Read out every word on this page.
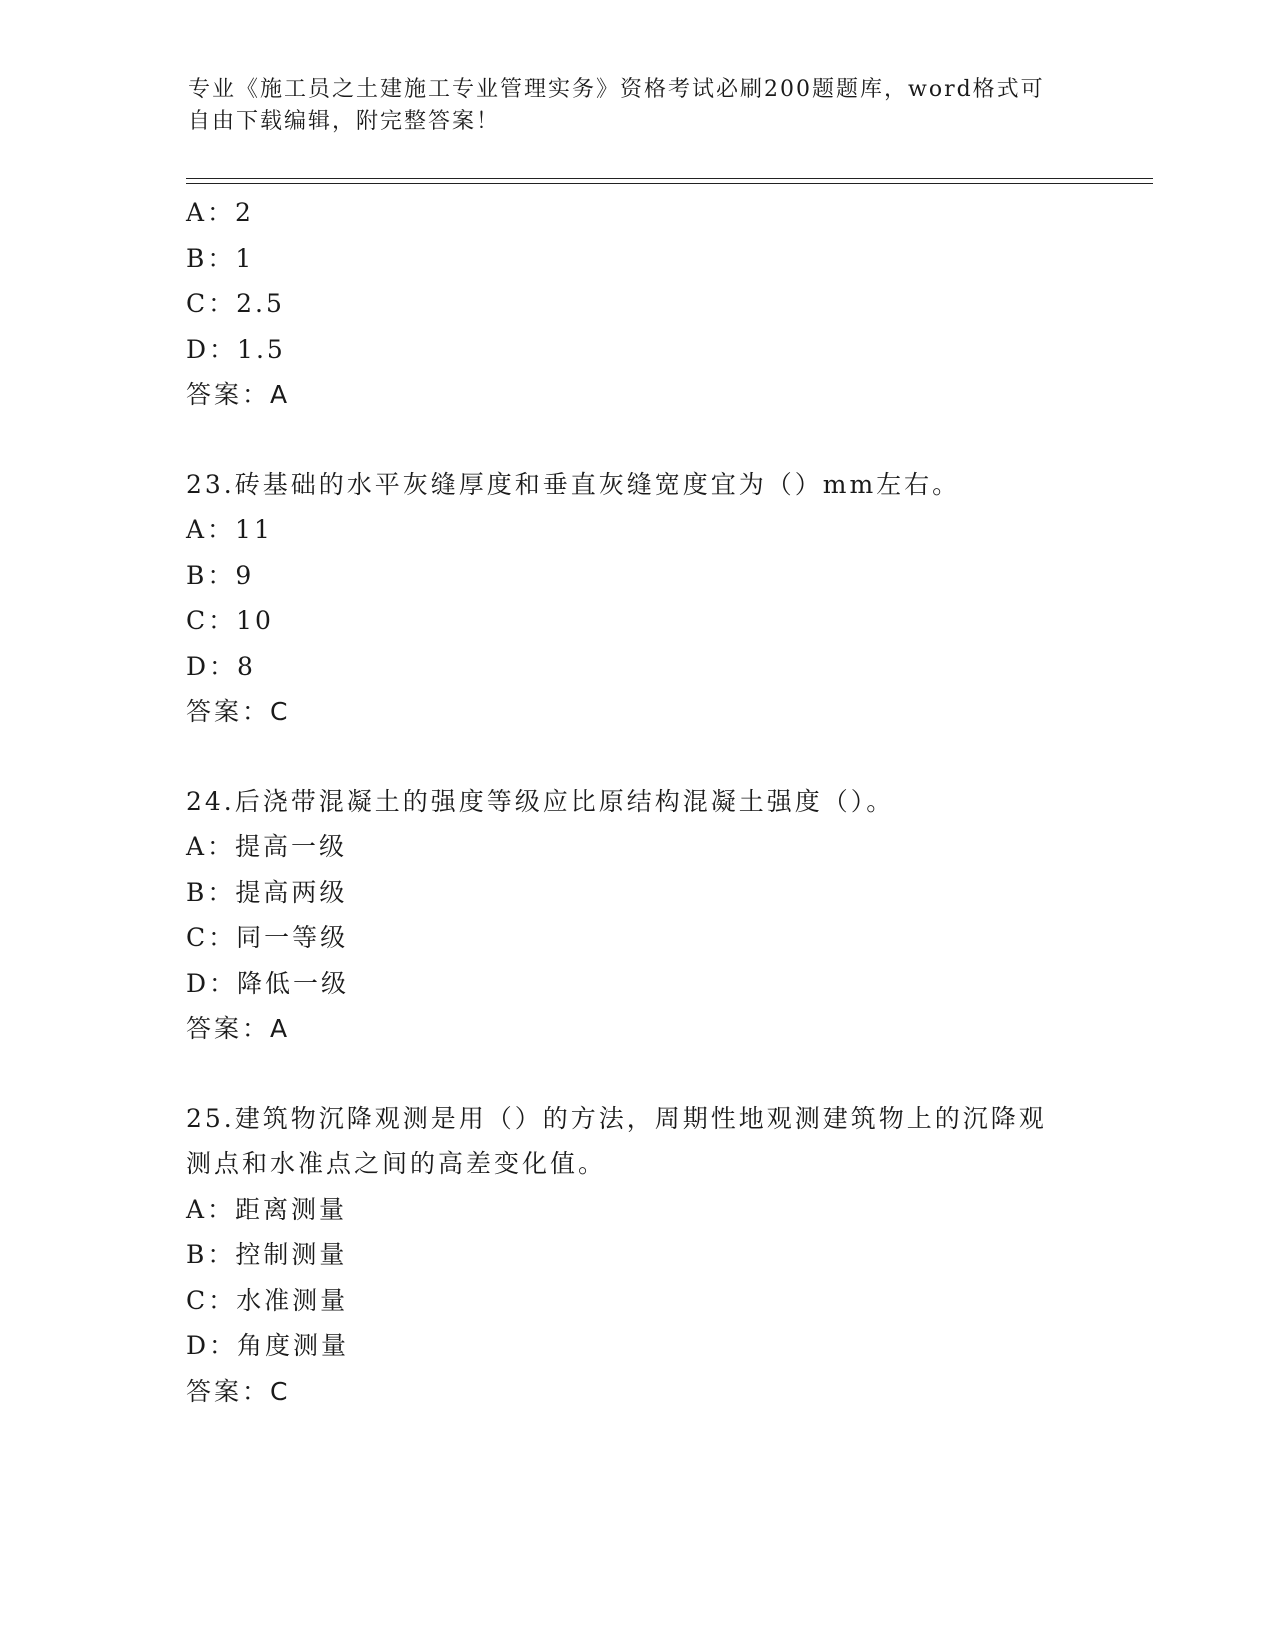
专业《施工员之土建施工专业管理实务》资格考试必刷200题题库，word格式可
自由下载编辑，附完整答案！
A：2
B：1
C：2.5
D：1.5
答案：A
23.砖基础的水平灰缝厚度和垂直灰缝宽度宜为（）mm左右。
A：11
B：9
C：10
D：8
答案：C
24.后浇带混凝土的强度等级应比原结构混凝土强度（）。
A：提高一级
B：提高两级
C：同一等级
D：降低一级
答案：A
25.建筑物沉降观测是用（）的方法，周期性地观测建筑物上的沉降观
测点和水准点之间的高差变化值。
A：距离测量
B：控制测量
C：水准测量
D：角度测量
答案：C
